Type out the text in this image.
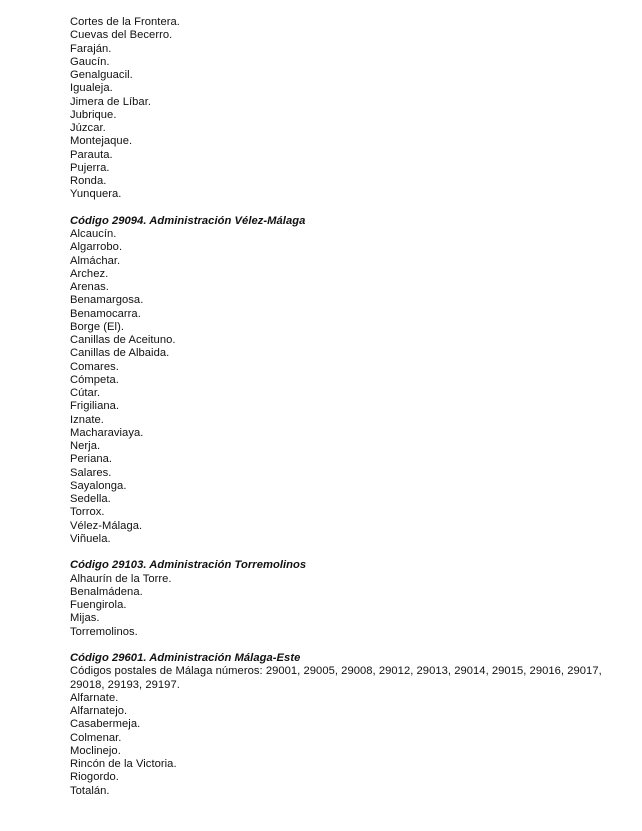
Cortes de la Frontera.
Cuevas del Becerro.
Faraján.
Gaucín.
Genalguacil.
Igualeja.
Jimera de Líbar.
Jubrique.
Júzcar.
Montejaque.
Parauta.
Pujerra.
Ronda.
Yunquera.
Código 29094. Administración Vélez-Málaga
Alcaucín.
Algarrobo.
Almáchar.
Archez.
Arenas.
Benamargosa.
Benamocarra.
Borge (El).
Canillas de Aceituno.
Canillas de Albaida.
Comares.
Cómpeta.
Cútar.
Frigiliana.
Iznate.
Macharaviaya.
Nerja.
Periana.
Salares.
Sayalonga.
Sedella.
Torrox.
Vélez-Málaga.
Viñuela.
Código 29103. Administración Torremolinos
Alhaurín de la Torre.
Benalmádena.
Fuengirola.
Mijas.
Torremolinos.
Código 29601. Administración Málaga-Este
Códigos postales de Málaga números: 29001, 29005, 29008, 29012, 29013, 29014, 29015, 29016, 29017, 29018, 29193, 29197.
Alfarnate.
Alfarnatejo.
Casabermeja.
Colmenar.
Moclinejo.
Rincón de la Victoria.
Riogordo.
Totalán.
